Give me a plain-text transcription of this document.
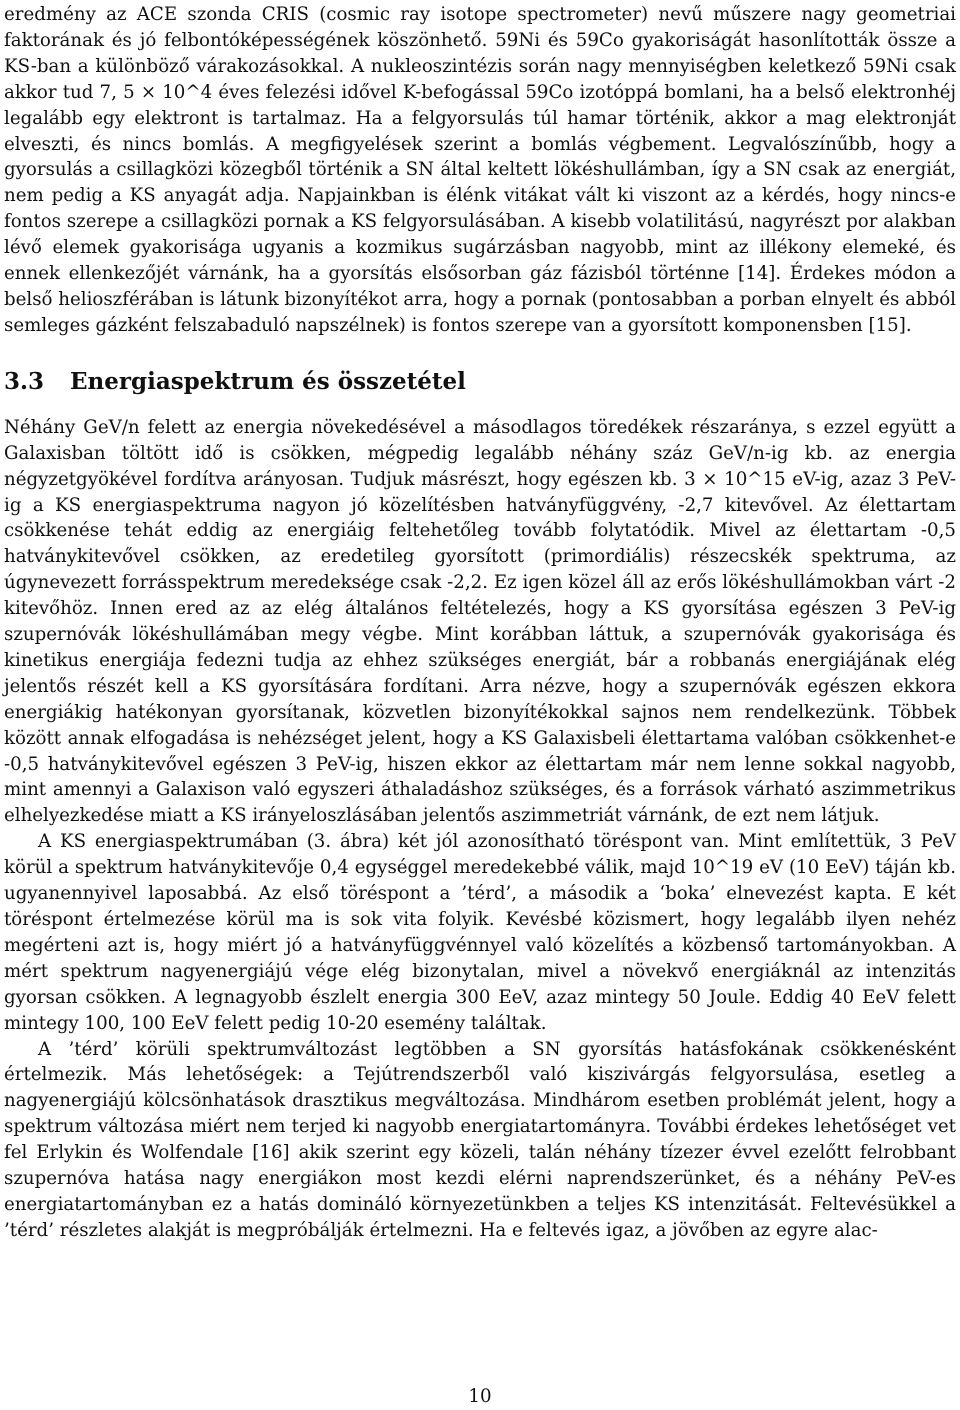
eredmény az ACE szonda CRIS (cosmic ray isotope spectrometer) nevű műszere nagy geometriai faktorának és jó felbontóképességének köszönhető. 59Ni és 59Co gyakoriságát hasonlították össze a KS-ban a különböző várakozásokkal. A nukleoszintézis során nagy mennyiségben keletkező 59Ni csak akkor tud 7, 5 × 10^4 éves felezési idővel K-befogással 59Co izotóppá bomlani, ha a belső elektronhéj legalább egy elektront is tartalmaz. Ha a felgyorsulás túl hamar történik, akkor a mag elektronját elveszti, és nincs bomlás. A megfigyelések szerint a bomlás végbement. Legvalószínűbb, hogy a gyorsulás a csillagközi közegből történik a SN által keltett lökéshullámban, így a SN csak az energiát, nem pedig a KS anyagát adja. Napjainkban is élénk vitákat vált ki viszont az a kérdés, hogy nincs-e fontos szerepe a csillagközi pornak a KS felgyorsulásában. A kisebb volatilitású, nagyrészt por alakban lévő elemek gyakorisága ugyanis a kozmikus sugárzásban nagyobb, mint az illékony elemeké, és ennek ellenkezőjét várnánk, ha a gyorsítás elsősorban gáz fázisból történne [14]. Érdekes módon a belső helioszférában is látunk bizonyítékot arra, hogy a pornak (pontosabban a porban elnyelt és abból semleges gázként felszabaduló napszélnek) is fontos szerepe van a gyorsított komponensben [15].

3.3 Energiaspektrum és összetétel

Néhány GeV/n felett az energia növekedésével a másodlagos töredékek részaránya, s ezzel együtt a Galaxisban töltött idő is csökken, mégpedig legalább néhány száz GeV/n-ig kb. az energia négyzetgyökével fordítva arányosan. Tudjuk másrészt, hogy egészen kb. 3 × 10^15 eV-ig, azaz 3 PeV-ig a KS energiaspektruma nagyon jó közelítésben hatványfüggvény, -2,7 kitevővel. Az élettartam csökkenése tehát eddig az energiáig feltehetőleg tovább folytatódik. Mivel az élettartam -0,5 hatványkitevővel csökken, az eredetileg gyorsított (primordiális) részecskék spektruma, az úgynevezett forrásspektrum meredeksége csak -2,2. Ez igen közel áll az erős lökéshullámokban várt -2 kitevőhöz. Innen ered az az elég általános feltételezés, hogy a KS gyorsítása egészen 3 PeV-ig szupernóvák lökéshullámában megy végbe. Mint korábban láttuk, a szupernóvák gyakorisága és kinetikus energiája fedezni tudja az ehhez szükséges energiát, bár a robbanás energiájának elég jelentős részét kell a KS gyorsítására fordítani. Arra nézve, hogy a szupernóvák egészen ekkora energiákig hatékonyan gyorsítanak, közvetlen bizonyítékokkal sajnos nem rendelkezünk. Többek között annak elfogadása is nehézséget jelent, hogy a KS Galaxisbeli élettartama valóban csökkenhet-e -0,5 hatványkitevővel egészen 3 PeV-ig, hiszen ekkor az élettartam már nem lenne sokkal nagyobb, mint amennyi a Galaxison való egyszeri áthaladáshoz szükséges, és a források várható aszimmetrikus elhelyezkedése miatt a KS irányeloszlásában jelentős aszimmetriát várnánk, de ezt nem látjuk.

A KS energiaspektrumában (3. ábra) két jól azonosítható töréspont van. Mint említettük, 3 PeV körül a spektrum hatványkitevője 0,4 egységgel meredekebbé válik, majd 10^19 eV (10 EeV) táján kb. ugyanennyivel laposabbá. Az első töréspont a ’térd’, a második a ‘boka’ elnevezést kapta. E két töréspont értelmezése körül ma is sok vita folyik. Kevésbé közismert, hogy legalább ilyen nehéz megérteni azt is, hogy miért jó a hatványfüggvénnyel való közelítés a közbenső tartományokban. A mért spektrum nagyenergiájú vége elég bizonytalan, mivel a növekvő energiáknál az intenzitás gyorsan csökken. A legnagyobb észlelt energia 300 EeV, azaz mintegy 50 Joule. Eddig 40 EeV felett mintegy 100, 100 EeV felett pedig 10-20 esemény találtak.

A ’térd’ körüli spektrumváltozást legtöbben a SN gyorsítás hatásfokának csökkenésként értelmezik. Más lehetőségek: a Tejútrendszerből való kiszivárgás felgyorsulása, esetleg a nagyenergiájú kölcsönhatások drasztikus megváltozása. Mindhárom esetben problémát jelent, hogy a spektrum változása miért nem terjed ki nagyobb energiatartományra. További érdekes lehetőséget vet fel Erlykin és Wolfendale [16] akik szerint egy közeli, talán néhány tízezer évvel ezelőtt felrobbant szupernóva hatása nagy energiákon most kezdi elérni naprendszerünket, és a néhány PeV-es energiatartományban ez a hatás domináló környezetünkben a teljes KS intenzitását. Feltevésükkel a ’térd’ részletes alakját is megpróbálják értelmezni. Ha e feltevés igaz, a jövőben az egyre alac-

10
